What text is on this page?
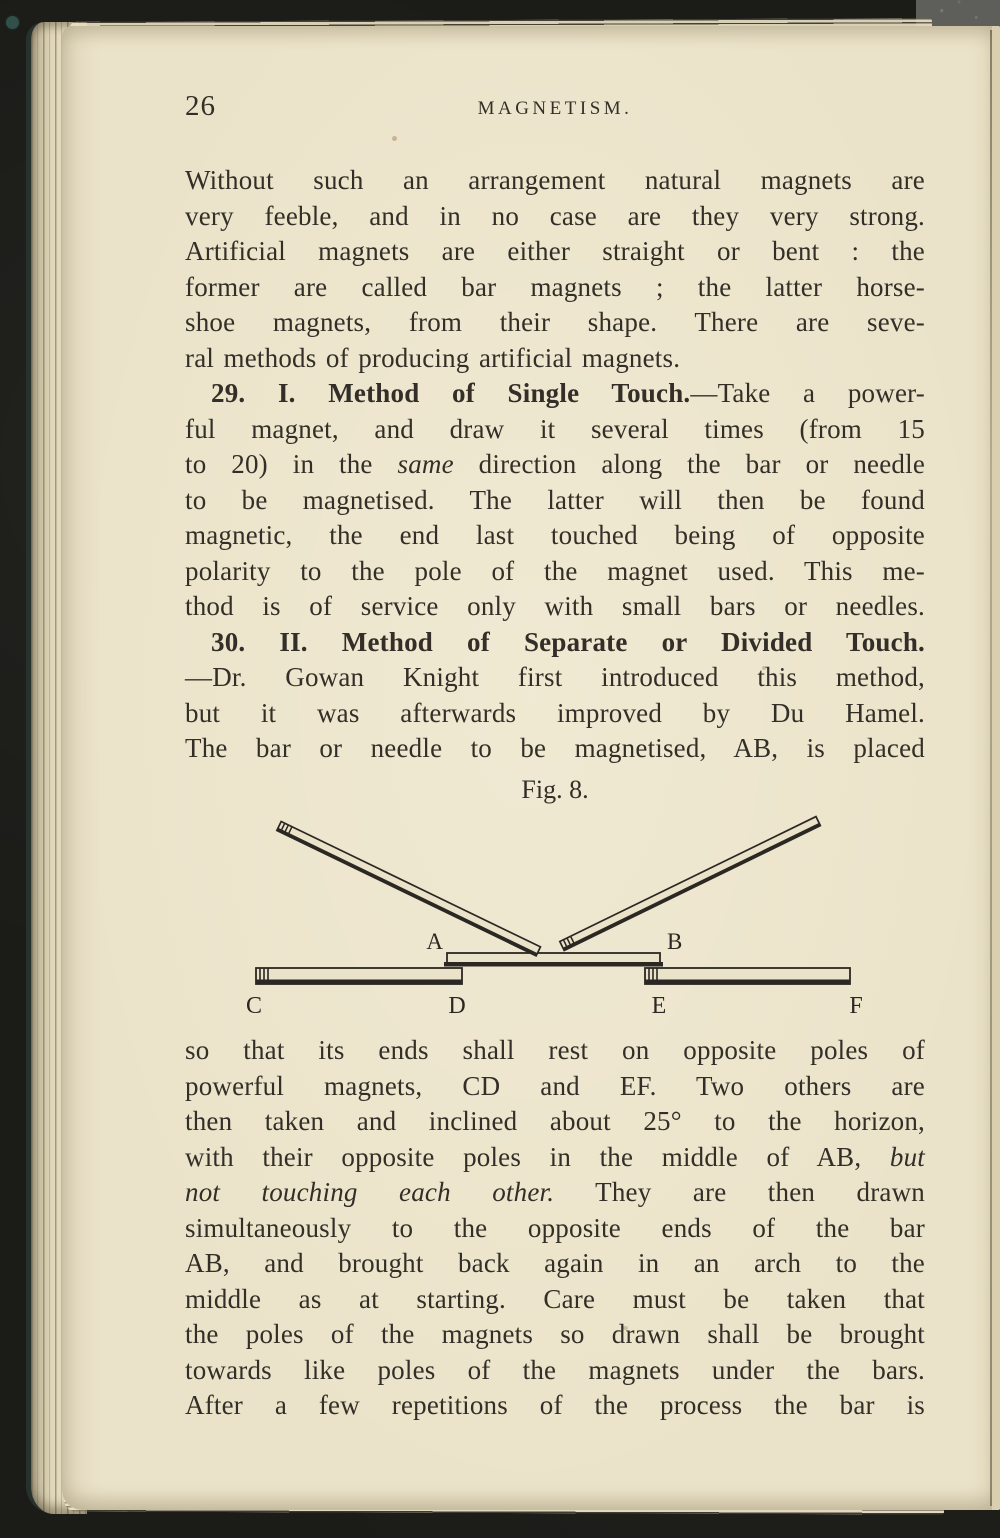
26	MAGNETISM.
Without such an arrangement natural magnets are
very feeble, and in no case are they very strong.
Artificial magnets are either straight or bent : the
former are called bar magnets ; the latter horse-
shoe magnets, from their shape. There are seve-
ral methods of producing artificial magnets.
29. I. Method of Single Touch.—Take a power-
ful magnet, and draw it several times (from 15
to 20) in the same direction along the bar or needle
to be magnetised. The latter will then be found
magnetic, the end last touched being of opposite
polarity to the pole of the magnet used. This me-
thod is of service only with small bars or needles.
30. II. Method of Separate or Divided Touch.
—Dr. Gowan Knight first introduced this method,
but it was afterwards improved by Du Hamel.
The bar or needle to be magnetised, AB, is placed
Fig. 8.
A	B
C	D	E	F
so that its ends shall rest on opposite poles of
powerful magnets, CD and EF. Two others are
then taken and inclined about 25° to the horizon,
with their opposite poles in the middle of AB, but
not touching each other. They are then drawn
simultaneously to the opposite ends of the bar
AB, and brought back again in an arch to the
middle as at starting. Care must be taken that
the poles of the magnets so drawn shall be brought
towards like poles of the magnets under the bars.
After a few repetitions of the process the bar is
